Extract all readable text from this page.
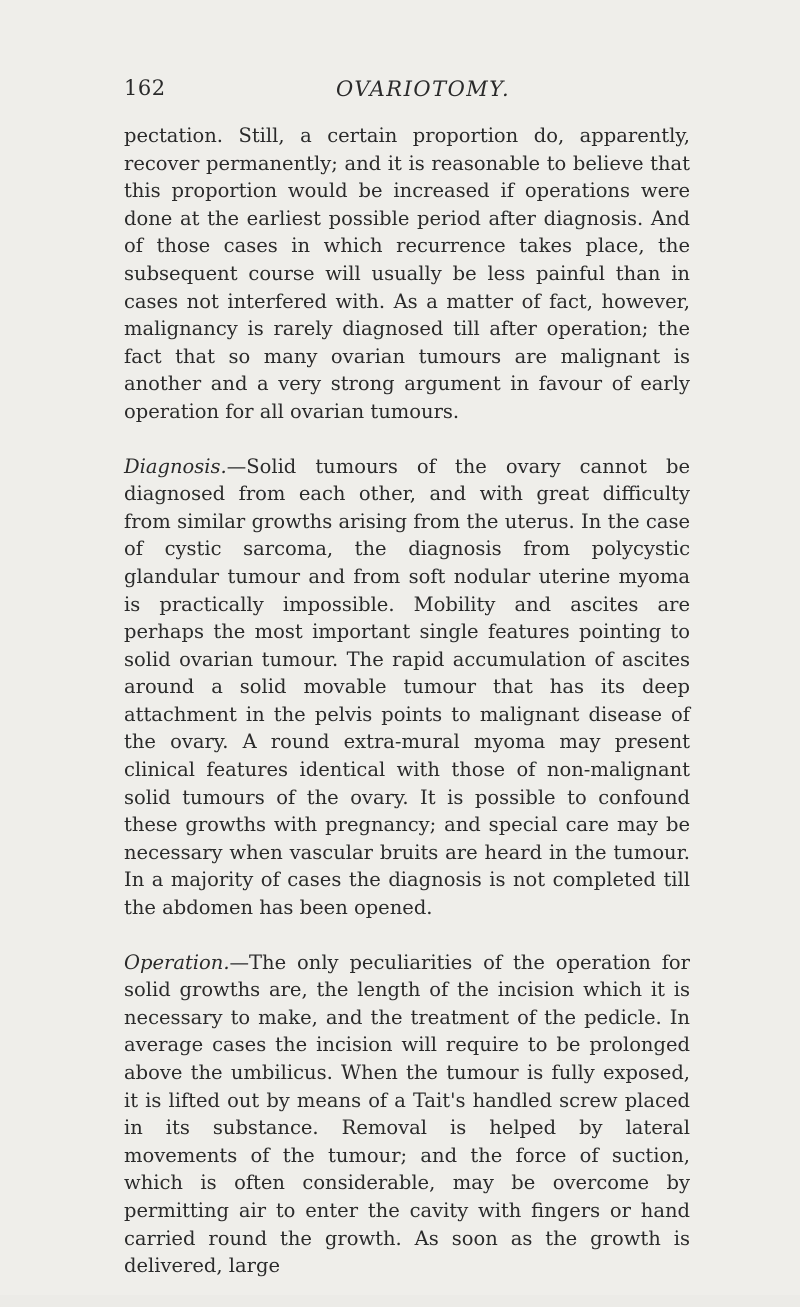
162	OVARIOTOMY.

pectation. Still, a certain proportion do, apparently, recover permanently; and it is reasonable to believe that this proportion would be increased if operations were done at the earliest possible period after diagnosis. And of those cases in which recurrence takes place, the subsequent course will usually be less painful than in cases not interfered with. As a matter of fact, however, malignancy is rarely diagnosed till after operation; the fact that so many ovarian tumours are malignant is another and a very strong argument in favour of early operation for all ovarian tumours.

Diagnosis.—Solid tumours of the ovary cannot be diagnosed from each other, and with great difficulty from similar growths arising from the uterus. In the case of cystic sarcoma, the diagnosis from polycystic glandular tumour and from soft nodular uterine myoma is practically impossible. Mobility and ascites are perhaps the most important single features pointing to solid ovarian tumour. The rapid accumulation of ascites around a solid movable tumour that has its deep attachment in the pelvis points to malignant disease of the ovary. A round extra-mural myoma may present clinical features identical with those of non-malignant solid tumours of the ovary. It is possible to confound these growths with pregnancy; and special care may be necessary when vascular bruits are heard in the tumour. In a majority of cases the diagnosis is not completed till the abdomen has been opened.

Operation.—The only peculiarities of the operation for solid growths are, the length of the incision which it is necessary to make, and the treatment of the pedicle. In average cases the incision will require to be prolonged above the umbilicus. When the tumour is fully exposed, it is lifted out by means of a Tait's handled screw placed in its substance. Removal is helped by lateral movements of the tumour; and the force of suction, which is often considerable, may be overcome by permitting air to enter the cavity with fingers or hand carried round the growth. As soon as the growth is delivered, large
